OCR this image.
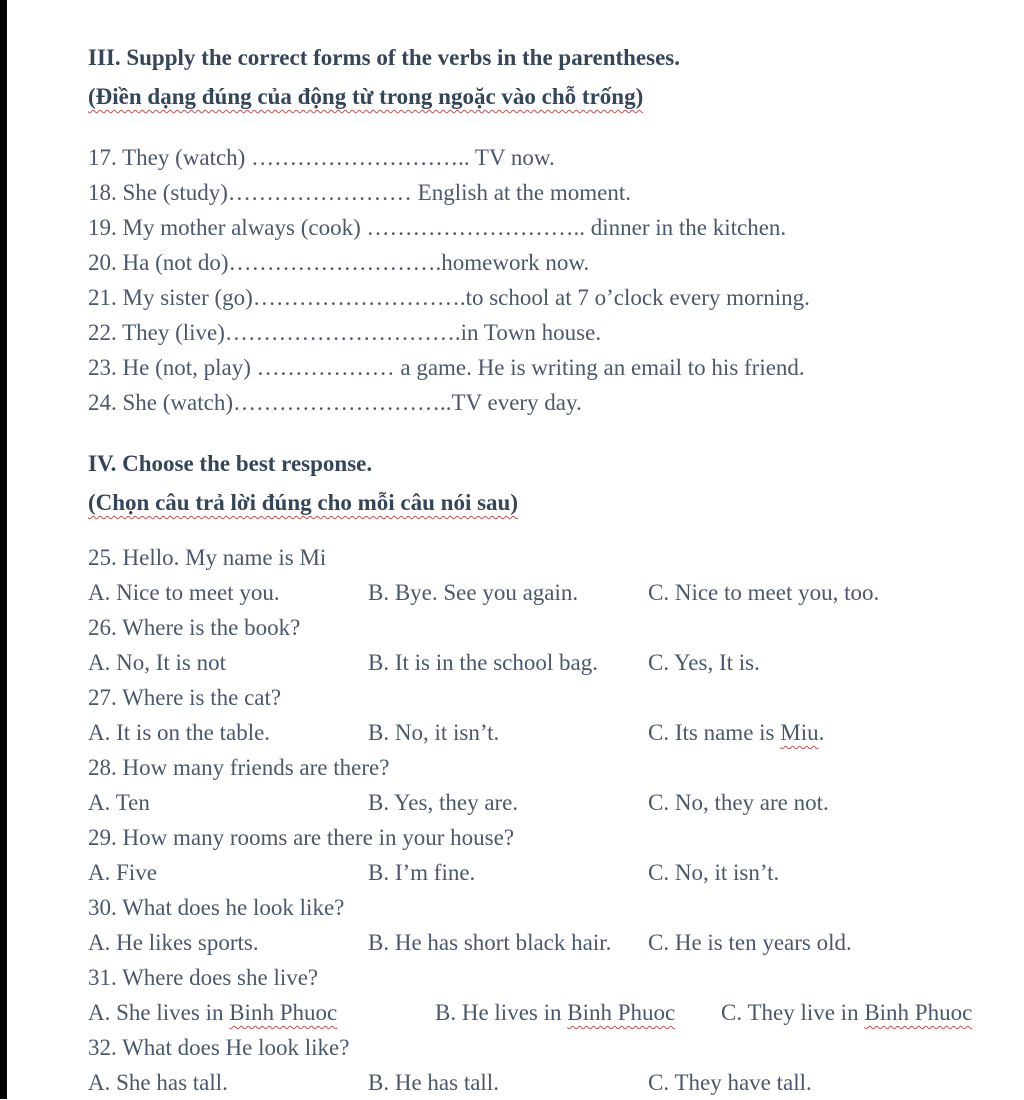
III. Supply the correct forms of the verbs in the parentheses.
(Điền dạng đúng của động từ trong ngoặc vào chỗ trống)
17. They (watch) ……………………….. TV now.
18. She (study)…………………… English at the moment.
19. My mother always (cook) ……………………….. dinner in the kitchen.
20. Ha (not do)……………………….homework now.
21. My sister (go)……………………….to school at 7 o’clock every morning.
22. They (live)………………………….in Town house.
23. He (not, play) ……………… a game. He is writing an email to his friend.
24. She (watch)………………………..TV every day.
IV. Choose the best response.
(Chọn câu trả lời đúng cho mỗi câu nói sau)
25. Hello. My name is Mi
A. Nice to meet you.	B. Bye. See you again.	C. Nice to meet you, too.
26. Where is the book?
A. No, It is not	B. It is in the school bag.	C. Yes, It is.
27. Where is the cat?
A. It is on the table.	B. No, it isn’t.	C. Its name is Miu.
28. How many friends are there?
A. Ten	B. Yes, they are.	C. No, they are not.
29. How many rooms are there in your house?
A. Five	B. I’m fine.	C. No, it isn’t.
30. What does he look like?
A. He likes sports.	B. He has short black hair.	C. He is ten years old.
31. Where does she live?
A. She lives in Binh Phuoc	B. He lives in Binh Phuoc	C. They live in Binh Phuoc
32. What does He look like?
A. She has tall.	B. He has tall.	C. They have tall.
